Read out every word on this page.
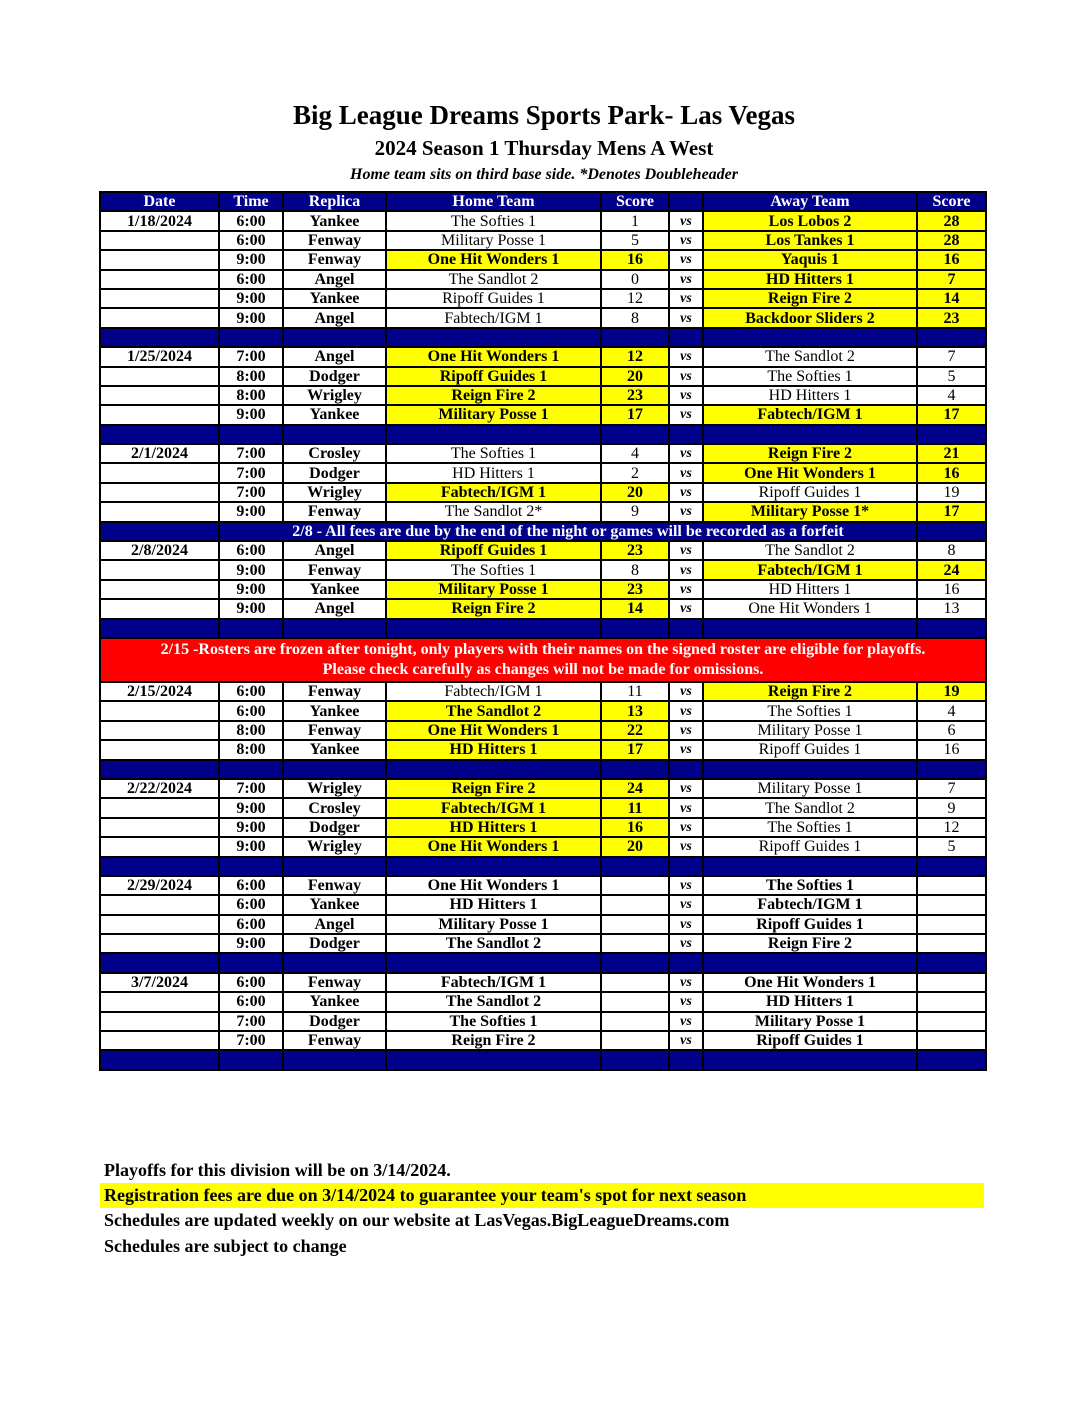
Big League Dreams Sports Park- Las Vegas
2024 Season 1 Thursday Mens A West
Home team sits on third base side. *Denotes Doubleheader
Date	Time	Replica	Home Team	Score		Away Team	Score
1/18/2024	6:00	Yankee	The Softies 1	1	vs	Los Lobos 2	28
	6:00	Fenway	Military Posse 1	5	vs	Los Tankes 1	28
	9:00	Fenway	One Hit Wonders 1	16	vs	Yaquis 1	16
	6:00	Angel	The Sandlot 2	0	vs	HD Hitters 1	7
	9:00	Yankee	Ripoff Guides 1	12	vs	Reign Fire 2	14
	9:00	Angel	Fabtech/IGM 1	8	vs	Backdoor Sliders 2	23

1/25/2024	7:00	Angel	One Hit Wonders 1	12	vs	The Sandlot 2	7
	8:00	Dodger	Ripoff Guides 1	20	vs	The Softies 1	5
	8:00	Wrigley	Reign Fire 2	23	vs	HD Hitters 1	4
	9:00	Yankee	Military Posse 1	17	vs	Fabtech/IGM 1	17

2/1/2024	7:00	Crosley	The Softies 1	4	vs	Reign Fire 2	21
	7:00	Dodger	HD Hitters 1	2	vs	One Hit Wonders 1	16
	7:00	Wrigley	Fabtech/IGM 1	20	vs	Ripoff Guides 1	19
	9:00	Fenway	The Sandlot 2*	9	vs	Military Posse 1*	17
	2/8 - All fees are due by the end of the night or games will be recorded as a forfeit						
2/8/2024	6:00	Angel	Ripoff Guides 1	23	vs	The Sandlot 2	8
	9:00	Fenway	The Softies 1	8	vs	Fabtech/IGM 1	24
	9:00	Yankee	Military Posse 1	23	vs	HD Hitters 1	16
	9:00	Angel	Reign Fire 2	14	vs	One Hit Wonders 1	13

2/15 -Rosters are frozen after tonight, only players with their names on the signed roster are eligible for playoffs.
Please check carefully as changes will not be made for omissions.							

2/15/2024	6:00	Fenway	Fabtech/IGM 1	11	vs	Reign Fire 2	19
	6:00	Yankee	The Sandlot 2	13	vs	The Softies 1	4
	8:00	Fenway	One Hit Wonders 1	22	vs	Military Posse 1	6
	8:00	Yankee	HD Hitters 1	17	vs	Ripoff Guides 1	16

2/22/2024	7:00	Wrigley	Reign Fire 2	24	vs	Military Posse 1	7
	9:00	Crosley	Fabtech/IGM 1	11	vs	The Sandlot 2	9
	9:00	Dodger	HD Hitters 1	16	vs	The Softies 1	12
	9:00	Wrigley	One Hit Wonders 1	20	vs	Ripoff Guides 1	5

2/29/2024	6:00	Fenway	One Hit Wonders 1		vs	The Softies 1	
	6:00	Yankee	HD Hitters 1		vs	Fabtech/IGM 1	
	6:00	Angel	Military Posse 1		vs	Ripoff Guides 1	
	9:00	Dodger	The Sandlot 2		vs	Reign Fire 2	

3/7/2024	6:00	Fenway	Fabtech/IGM 1		vs	One Hit Wonders 1	
	6:00	Yankee	The Sandlot 2		vs	HD Hitters 1	
	7:00	Dodger	The Softies 1		vs	Military Posse 1	
	7:00	Fenway	Reign Fire 2		vs	Ripoff Guides 1	

Playoffs for this division will be on 3/14/2024.
Registration fees are due on 3/14/2024 to guarantee your team's spot for next season
Schedules are updated weekly on our website at LasVegas.BigLeagueDreams.com
Schedules are subject to change
